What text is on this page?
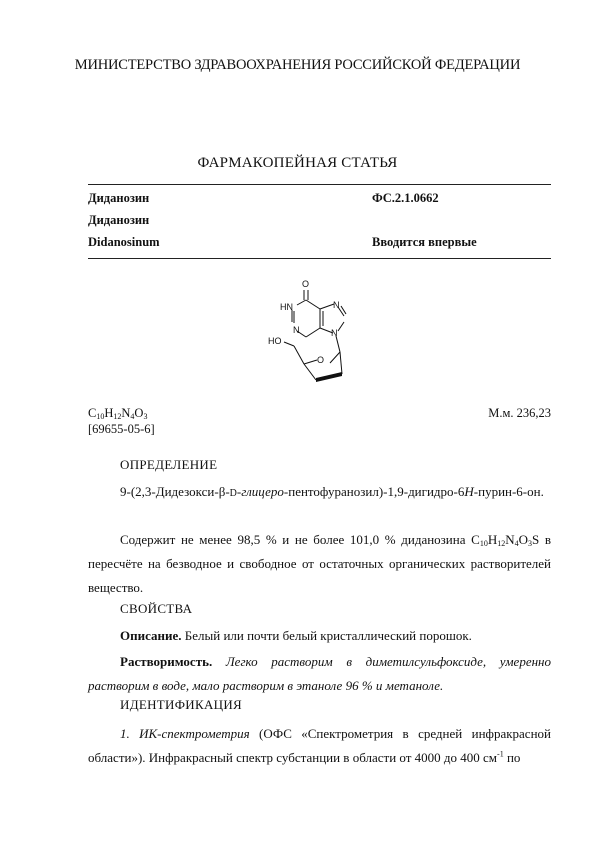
МИНИСТЕРСТВО ЗДРАВООХРАНЕНИЯ РОССИЙСКОЙ ФЕДЕРАЦИИ
ФАРМАКОПЕЙНАЯ СТАТЬЯ
Диданозин	ФС.2.1.0662
Диданозин
Didanosinum	Вводится впервые
O
HN
N
N
N
HO
O
$C_{10}H_{12}N_4O_3$
[69655-05-6]
М.м. 236,23
ОПРЕДЕЛЕНИЕ
9-(2,3-Дидезокси-β-D-глицеро-пентофуранозил)-1,9-дигидро-6H-пурин-6-он.
Содержит не менее 98,5 % и не более 101,0 % диданозина $C_{10}H_{12}N_4O_3S$ в пересчёте на безводное и свободное от остаточных органических растворителей вещество.
СВОЙСТВА
Описание. Белый или почти белый кристаллический порошок.
Растворимость. Легко растворим в диметилсульфоксиде, умеренно растворим в воде, мало растворим в этаноле 96 % и метаноле.
ИДЕНТИФИКАЦИЯ
1. ИК-спектрометрия (ОФС «Спектрометрия в средней инфракрасной области»). Инфракрасный спектр субстанции в области от 4000 до 400 $см^{-1}$ по
